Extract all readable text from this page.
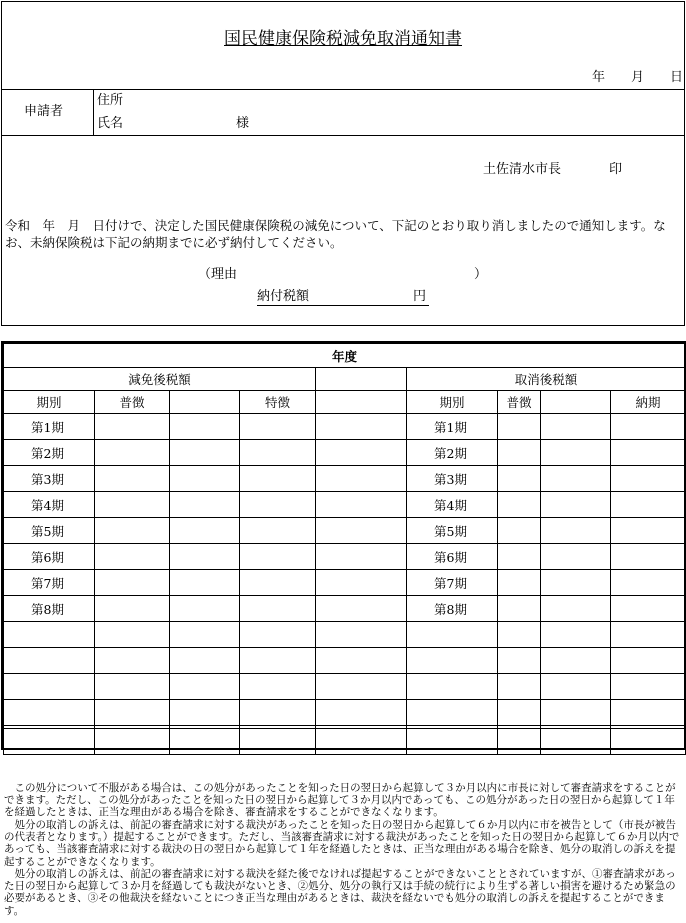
国民健康保険税減免取消通知書
年　　月　　日
申請者
住所
氏名	様
土佐清水市長	印
令和　年　月　日付けで、決定した国民健康保険税の減免について、下記のとおり取り消しましたので通知します。なお、未納保険税は下記の納期までに必ず納付してください。
（理由	）
納付税額	円
年度								
減免後税額					取消後税額			
期別	普徴		特徴		期別	普徴		納期
第1期					第1期			
第2期					第2期			
第3期					第3期			
第4期					第4期			
第5期					第5期			
第6期					第6期			
第7期					第7期			
第8期					第8期			

この処分について不服がある場合は、この処分があったことを知った日の翌日から起算して３か月以内に市長に対して審査請求をすることができます。ただし、この処分があったことを知った日の翌日から起算して３か月以内であっても、この処分があった日の翌日から起算して１年を経過したときは、正当な理由がある場合を除き、審査請求をすることができなくなります。
処分の取消しの訴えは、前記の審査請求に対する裁決があったことを知った日の翌日から起算して６か月以内に市を被告として（市長が被告の代表者となります。）提起することができます。ただし、当該審査請求に対する裁決があったことを知った日の翌日から起算して６か月以内であっても、当該審査請求に対する裁決の日の翌日から起算して１年を経過したときは、正当な理由がある場合を除き、処分の取消しの訴えを提起することができなくなります。
処分の取消しの訴えは、前記の審査請求に対する裁決を経た後でなければ提起することができないこととされていますが、①審査請求があった日の翌日から起算して３か月を経過しても裁決がないとき、②処分、処分の執行又は手続の続行により生ずる著しい損害を避けるため緊急の必要があるとき、③その他裁決を経ないことにつき正当な理由があるときは、裁決を経ないでも処分の取消しの訴えを提起することができます。
